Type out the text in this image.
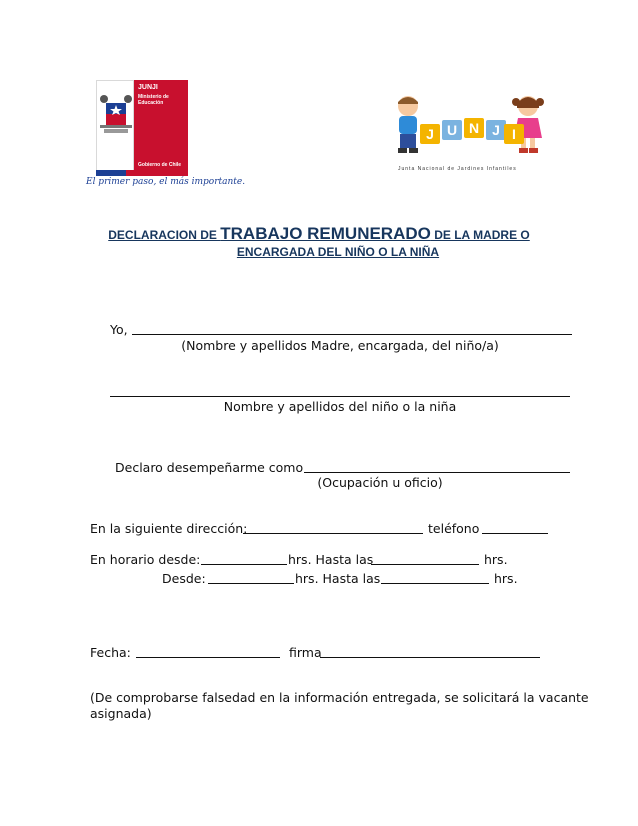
JUNJI
Ministerio de Educación
Gobierno de Chile
El primer paso, el más importante.
J U N J I
Junta Nacional de Jardines Infantiles
DECLARACION DE TRABAJO REMUNERADO DE LA MADRE O
ENCARGADA DEL NIÑO O LA NIÑA
Yo,
(Nombre y apellidos Madre, encargada, del niño/a)
Nombre y apellidos del niño o la niña
Declaro desempeñarme como
(Ocupación u oficio)
En la siguiente dirección:	teléfono
En horario desde:	hrs. Hasta las	hrs.
Desde:	hrs. Hasta las	hrs.
Fecha:	firma
(De comprobarse falsedad en la información entregada, se solicitará la vacante
asignada)
